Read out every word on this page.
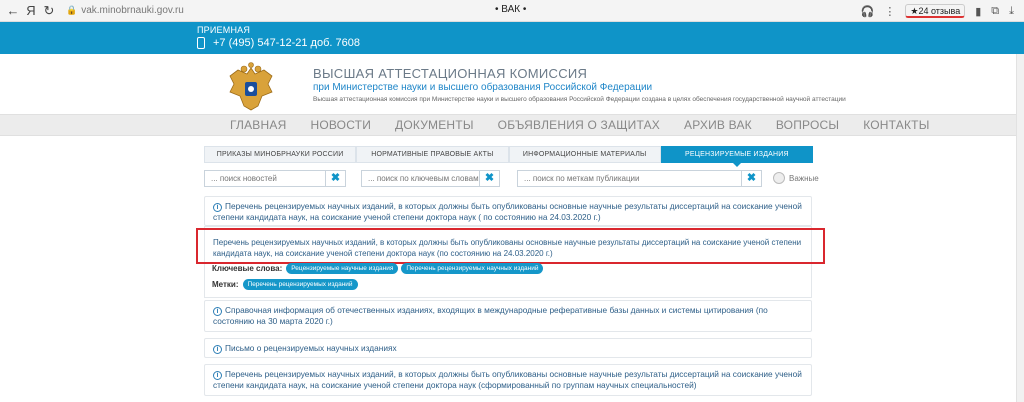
← Я ↻	🔒 vak.minobrnauki.gov.ru	• ВАК •	🎧 ⋮	★24 отзыва	▮ ⧉ ⤓
ПРИЕМНАЯ
+7 (495) 547-12-21 доб. 7608
ВЫСШАЯ АТТЕСТАЦИОННАЯ КОМИССИЯ
при Министерстве науки и высшего образования Российской Федерации
Высшая аттестационная комиссия при Министерстве науки и высшего образования Российской Федерации создана в целях обеспечения государственной научной аттестации
ГЛАВНАЯ	НОВОСТИ	ДОКУМЕНТЫ	ОБЪЯВЛЕНИЯ О ЗАЩИТАХ	АРХИВ ВАК	ВОПРОСЫ	КОНТАКТЫ
ПРИКАЗЫ МИНОБРНАУКИ РОССИИ	НОРМАТИВНЫЕ ПРАВОВЫЕ АКТЫ	ИНФОРМАЦИОННЫЕ МАТЕРИАЛЫ	РЕЦЕНЗИРУЕМЫЕ ИЗДАНИЯ
... поиск новостей
✖
... поиск по ключевым словам	✖
... поиск по меткам публикации	✖	Важные
i Перечень рецензируемых научных изданий, в которых должны быть опубликованы основные научные результаты диссертаций на соискание ученой степени кандидата наук, на соискание ученой степени доктора наук ( по состоянию на 24.03.2020 г.)
Перечень рецензируемых научных изданий, в которых должны быть опубликованы основные научные результаты диссертаций на соискание ученой степени кандидата наук, на соискание ученой степени доктора наук (по состоянию на 24.03.2020 г.)
Ключевые слова:	Рецензируемые научные издания	Перечень рецензируемых научных изданий
Метки:	Перечень рецензируемых изданий
i Справочная информация об отечественных изданиях, входящих в международные реферативные базы данных и системы цитирования (по состоянию на 30 марта 2020 г.)
i Письмо о рецензируемых научных изданиях
i Перечень рецензируемых научных изданий, в которых должны быть опубликованы основные научные результаты диссертаций на соискание ученой степени кандидата наук, на соискание ученой степени доктора наук (сформированный по группам научных специальностей)
